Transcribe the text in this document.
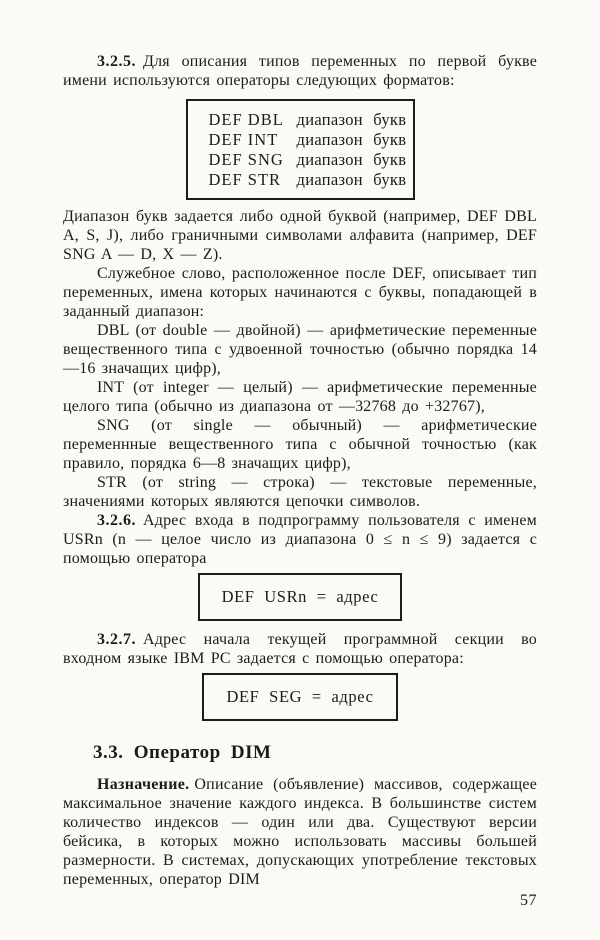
3.2.5. Для описания типов переменных по первой букве имени используются операторы следующих форматов:

DEF DBL диапазон букв
DEF INT диапазон букв
DEF SNG диапазон букв
DEF STR диапазон букв

Диапазон букв задается либо одной буквой (например, DEF DBL A, S, J), либо граничными символами алфавита (например, DEF SNG A — D, X — Z).

Служебное слово, расположенное после DEF, описывает тип переменных, имена которых начинаются с буквы, попадающей в заданный диапазон:

DBL (от double — двойной) — арифметические переменные вещественного типа с удвоенной точностью (обычно порядка 14—16 значащих цифр),

INT (от integer — целый) — арифметические переменные целого типа (обычно из диапазона от —32768 до +32767),

SNG (от single — обычный) — арифметические переменнные вещественного типа с обычной точностью (как правило, порядка 6—8 значащих цифр),

STR (от string — строка) — текстовые переменные, значениями которых являются цепочки символов.

3.2.6. Адрес входа в подпрограмму пользователя с именем USRn (n — целое число из диапазона 0 ≤ n ≤ 9) задается с помощью оператора

DEF USRn = адрес

3.2.7. Адрес начала текущей программной секции во входном языке IBM PC задается с помощью оператора:

DEF SEG = адрес
3.3. Оператор DIM

Назначение. Описание (объявление) массивов, содержащее максимальное значение каждого индекса. В большинстве систем количество индексов — один или два. Существуют версии бейсика, в которых можно использовать массивы большей размерности. В системах, допускающих употребление текстовых переменных, оператор DIM

57
